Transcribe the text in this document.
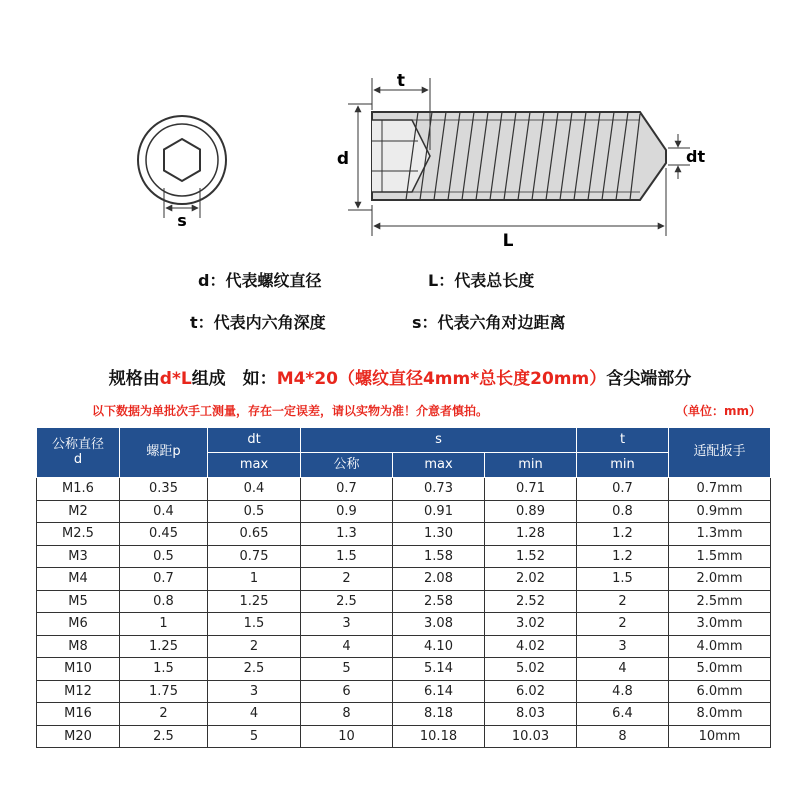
s
d
t
L
dt
d：代表螺纹直径	L：代表总长度
t：代表内六角深度	s：代表六角对边距离
规格由d*L组成　如：M4*20（螺纹直径4mm*总长度20mm）含尖端部分
以下数据为单批次手工测量，存在一定误差，请以实物为准！介意者慎拍。	（单位：mm）
公称直径
d	螺距p	dt	s			t	适配扳手
		max	公称	max	min	min	
M1.6	0.35	0.4	0.7	0.73	0.71	0.7	0.7mm
M2	0.4	0.5	0.9	0.91	0.89	0.8	0.9mm
M2.5	0.45	0.65	1.3	1.30	1.28	1.2	1.3mm
M3	0.5	0.75	1.5	1.58	1.52	1.2	1.5mm
M4	0.7	1	2	2.08	2.02	1.5	2.0mm
M5	0.8	1.25	2.5	2.58	2.52	2	2.5mm
M6	1	1.5	3	3.08	3.02	2	3.0mm
M8	1.25	2	4	4.10	4.02	3	4.0mm
M10	1.5	2.5	5	5.14	5.02	4	5.0mm
M12	1.75	3	6	6.14	6.02	4.8	6.0mm
M16	2	4	8	8.18	8.03	6.4	8.0mm
M20	2.5	5	10	10.18	10.03	8	10mm
